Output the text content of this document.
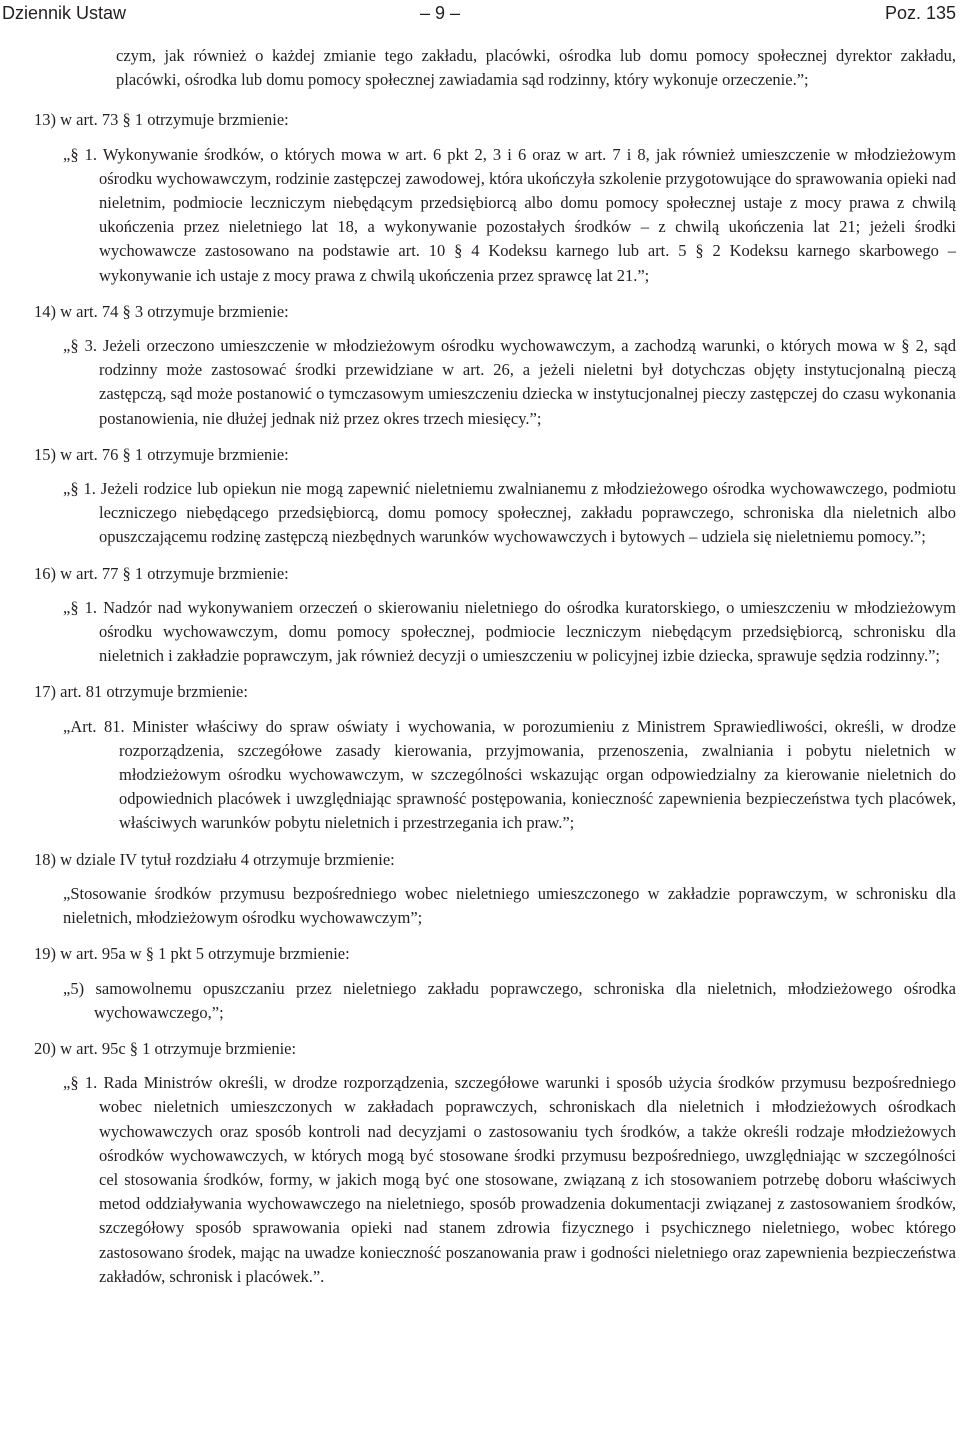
Dziennik Ustaw	– 9 –	Poz. 135

czym, jak również o każdej zmianie tego zakładu, placówki, ośrodka lub domu pomocy społecznej dyrektor zakładu, placówki, ośrodka lub domu pomocy społecznej zawiadamia sąd rodzinny, który wykonuje orzeczenie.”;

13) w art. 73 § 1 otrzymuje brzmienie:
„§ 1. Wykonywanie środków, o których mowa w art. 6 pkt 2, 3 i 6 oraz w art. 7 i 8, jak również umieszczenie w młodzieżowym ośrodku wychowawczym, rodzinie zastępczej zawodowej, która ukończyła szkolenie przygotowujące do sprawowania opieki nad nieletnim, podmiocie leczniczym niebędącym przedsiębiorcą albo domu pomocy społecznej ustaje z mocy prawa z chwilą ukończenia przez nieletniego lat 18, a wykonywanie pozostałych środków – z chwilą ukończenia lat 21; jeżeli środki wychowawcze zastosowano na podstawie art. 10 § 4 Kodeksu karnego lub art. 5 § 2 Kodeksu karnego skarbowego – wykonywanie ich ustaje z mocy prawa z chwilą ukończenia przez sprawcę lat 21.”;
14) w art. 74 § 3 otrzymuje brzmienie:
„§ 3. Jeżeli orzeczono umieszczenie w młodzieżowym ośrodku wychowawczym, a zachodzą warunki, o których mowa w § 2, sąd rodzinny może zastosować środki przewidziane w art. 26, a jeżeli nieletni był dotychczas objęty instytucjonalną pieczą zastępczą, sąd może postanowić o tymczasowym umieszczeniu dziecka w instytucjonalnej pieczy zastępczej do czasu wykonania postanowienia, nie dłużej jednak niż przez okres trzech miesięcy.”;
15) w art. 76 § 1 otrzymuje brzmienie:
„§ 1. Jeżeli rodzice lub opiekun nie mogą zapewnić nieletniemu zwalnianemu z młodzieżowego ośrodka wychowawczego, podmiotu leczniczego niebędącego przedsiębiorcą, domu pomocy społecznej, zakładu poprawczego, schroniska dla nieletnich albo opuszczającemu rodzinę zastępczą niezbędnych warunków wychowawczych i bytowych – udziela się nieletniemu pomocy.”;
16) w art. 77 § 1 otrzymuje brzmienie:
„§ 1. Nadzór nad wykonywaniem orzeczeń o skierowaniu nieletniego do ośrodka kuratorskiego, o umieszczeniu w młodzieżowym ośrodku wychowawczym, domu pomocy społecznej, podmiocie leczniczym niebędącym przedsiębiorcą, schronisku dla nieletnich i zakładzie poprawczym, jak również decyzji o umieszczeniu w policyjnej izbie dziecka, sprawuje sędzia rodzinny.”;
17) art. 81 otrzymuje brzmienie:
„Art. 81. Minister właściwy do spraw oświaty i wychowania, w porozumieniu z Ministrem Sprawiedliwości, określi, w drodze rozporządzenia, szczegółowe zasady kierowania, przyjmowania, przenoszenia, zwalniania i pobytu nieletnich w młodzieżowym ośrodku wychowawczym, w szczególności wskazując organ odpowiedzialny za kierowanie nieletnich do odpowiednich placówek i uwzględniając sprawność postępowania, konieczność zapewnienia bezpieczeństwa tych placówek, właściwych warunków pobytu nieletnich i przestrzegania ich praw.”;
18) w dziale IV tytuł rozdziału 4 otrzymuje brzmienie:
„Stosowanie środków przymusu bezpośredniego wobec nieletniego umieszczonego w zakładzie poprawczym, w schronisku dla nieletnich, młodzieżowym ośrodku wychowawczym”;
19) w art. 95a w § 1 pkt 5 otrzymuje brzmienie:
„5) samowolnemu opuszczaniu przez nieletniego zakładu poprawczego, schroniska dla nieletnich, młodzieżowego ośrodka wychowawczego,”;
20) w art. 95c § 1 otrzymuje brzmienie:
„§ 1. Rada Ministrów określi, w drodze rozporządzenia, szczegółowe warunki i sposób użycia środków przymusu bezpośredniego wobec nieletnich umieszczonych w zakładach poprawczych, schroniskach dla nieletnich i młodzieżowych ośrodkach wychowawczych oraz sposób kontroli nad decyzjami o zastosowaniu tych środków, a także określi rodzaje młodzieżowych ośrodków wychowawczych, w których mogą być stosowane środki przymusu bezpośredniego, uwzględniając w szczególności cel stosowania środków, formy, w jakich mogą być one stosowane, związaną z ich stosowaniem potrzebę doboru właściwych metod oddziaływania wychowawczego na nieletniego, sposób prowadzenia dokumentacji związanej z zastosowaniem środków, szczegółowy sposób sprawowania opieki nad stanem zdrowia fizycznego i psychicznego nieletniego, wobec którego zastosowano środek, mając na uwadze konieczność poszanowania praw i godności nieletniego oraz zapewnienia bezpieczeństwa zakładów, schronisk i placówek.”.
